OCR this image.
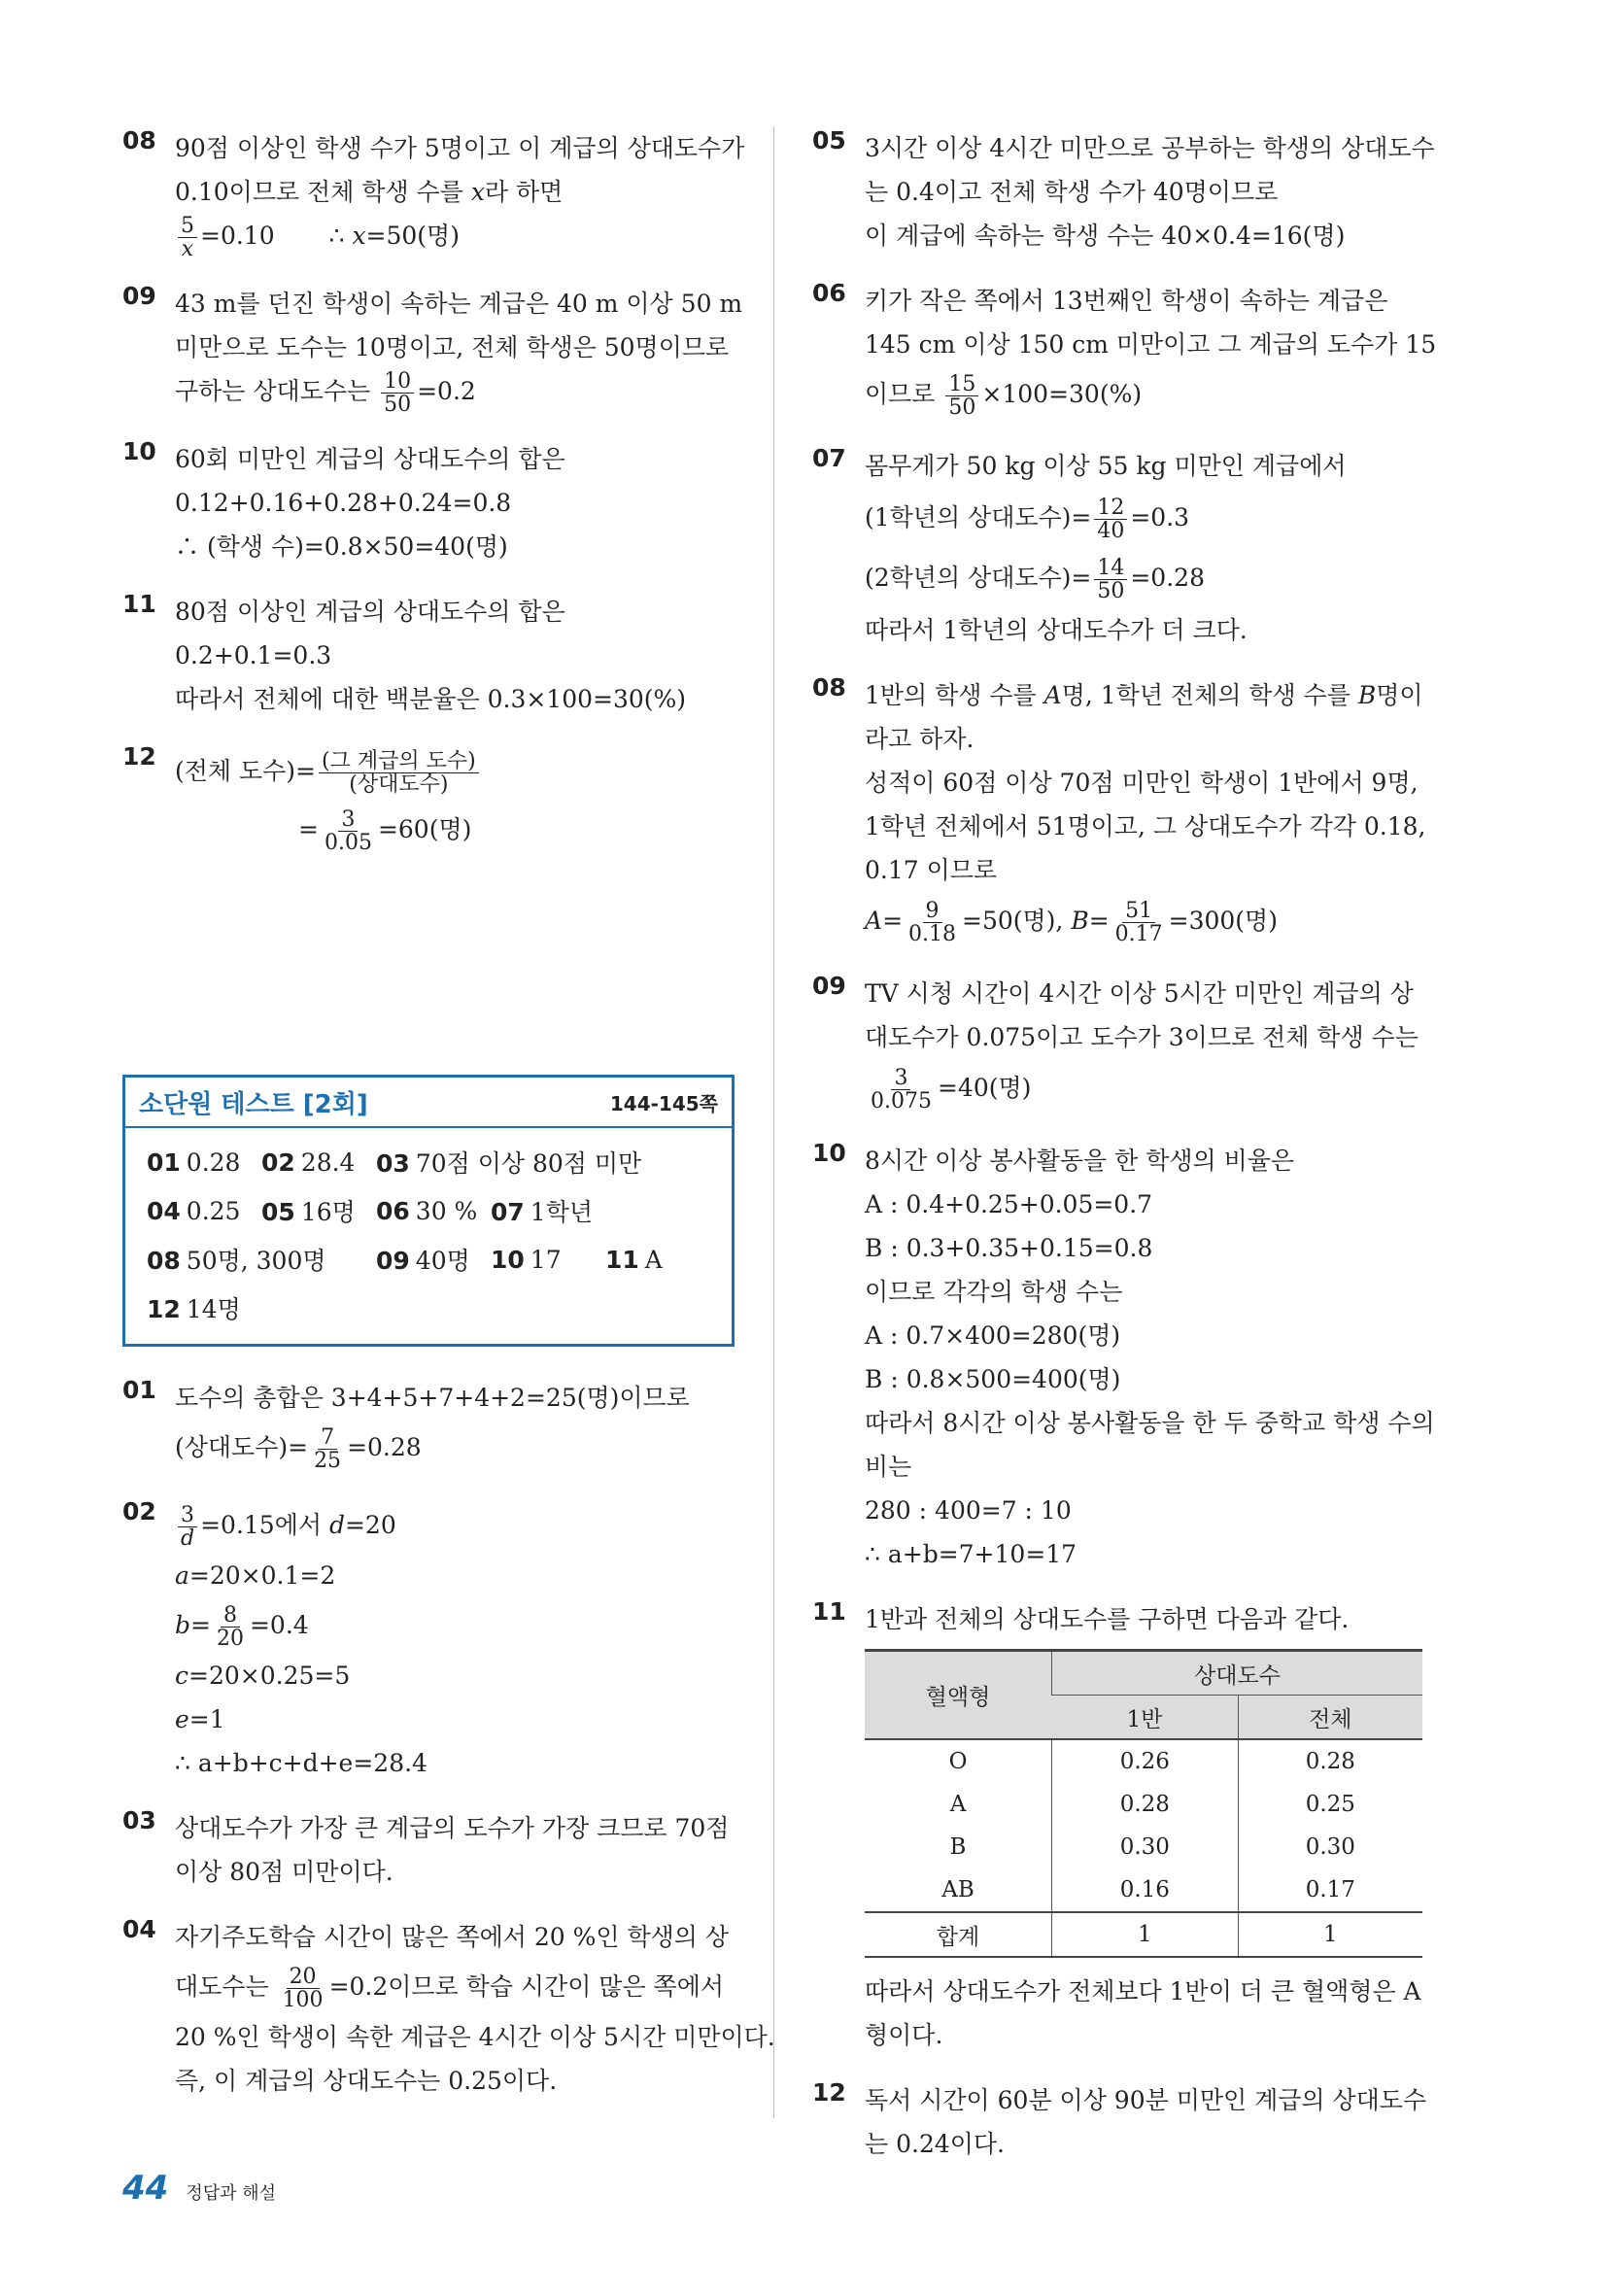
08 90점 이상인 학생 수가 5명이고 이 계급의 상대도수가
0.10이므로 전체 학생 수를 x라 하면
$\frac{5}{x} =0.10$ ∴ x=50(명)
09 43 m를 던진 학생이 속하는 계급은 40 m 이상 50 m
미만으로 도수는 10명이고, 전체 학생은 50명이므로
구하는 상대도수는 $\frac{10}{50} =0.2$
10 60회 미만인 계급의 상대도수의 합은
0.12+0.16+0.28+0.24=0.8
∴ (학생 수)=0.8×50=40(명)
11 80점 이상인 계급의 상대도수의 합은
0.2+0.1=0.3
따라서 전체에 대한 백분율은 0.3×100=30(%)
12
(전체 도수)= $\frac{\text{(그 계급의 도수)}}{\text{(상대도수)}}$
= $\frac{3}{0.05} =60$(명)
소단원 테스트 [2회]	144-145쪽
01 0.28 02 28.4 03 70점 이상 80점 미만
04 0.25 05 16명 06 30 % 07 1학년
08 50명, 300명	09 40명 10 17	11 A
12 14명
01 도수의 총합은 3+4+5+7+4+2=25(명)이므로
(상대도수)= $\frac{7}{25} =0.28$
$02 \frac{3}{d} =0.15$에서 d=20
a=20×0.1=2
$b= \frac{8}{20} =0.4$
c=20×0.25=5
e=1
∴ a+b+c+d+e=28.4
03 상대도수가 가장 큰 계급의 도수가 가장 크므로 70점
이상 80점 미만이다.
04 자기주도학습 시간이 많은 쪽에서 20 %인 학생의 상
대도수는 $\frac{20}{100} =0.2$이므로 학습 시간이 많은 쪽에서
20 %인 학생이 속한 계급은 4시간 이상 5시간 미만이다.
즉, 이 계급의 상대도수는 0.25이다.
05 3시간 이상 4시간 미만으로 공부하는 학생의 상대도수
는 0.4이고 전체 학생 수가 40명이므로
이 계급에 속하는 학생 수는 40×0.4=16(명)
06 키가 작은 쪽에서 13번째인 학생이 속하는 계급은
145 cm 이상 150 cm 미만이고 그 계급의 도수가 15
이므로 $\frac{15}{50} \times 100=30(\%)$
07 몸무게가 50 kg 이상 55 kg 미만인 계급에서
(1학년의 상대도수)= $\frac{12}{40} =0.3$
(2학년의 상대도수)= $\frac{14}{50} =0.28$
따라서 1학년의 상대도수가 더 크다.
08 1반의 학생 수를 A명, 1학년 전체의 학생 수를 B명이
라고 하자.
성적이 60점 이상 70점 미만인 학생이 1반에서 9명,
1학년 전체에서 51명이고, 그 상대도수가 각각 0.18,
0.17 이므로
$A= \frac{9}{0.18} =50$(명), $B= \frac{51}{0.17} =300$(명)
09 TV 시청 시간이 4시간 이상 5시간 미만인 계급의 상
대도수가 0.075이고 도수가 3이므로 전체 학생 수는
$\frac{3}{0.075} =40$(명)
10 8시간 이상 봉사활동을 한 학생의 비율은
A : 0.4+0.25+0.05=0.7
B : 0.3+0.35+0.15=0.8
이므로 각각의 학생 수는
A : 0.7×400=280(명)
B : 0.8×500=400(명)
따라서 8시간 이상 봉사활동을 한 두 중학교 학생 수의
비는
280 : 400=7 : 10
∴ a+b=7+10=17
11 1반과 전체의 상대도수를 구하면 다음과 같다.
혈액형	상대도수	
	1반	전체
O	0.26	0.28
A	0.28	0.25
B	0.30	0.30
AB	0.16	0.17
합계	1	1
따라서 상대도수가 전체보다 1반이 더 큰 혈액형은 A
형이다.
12 독서 시간이 60분 이상 90분 미만인 계급의 상대도수
는 0.24이다.
44 정답과 해설
